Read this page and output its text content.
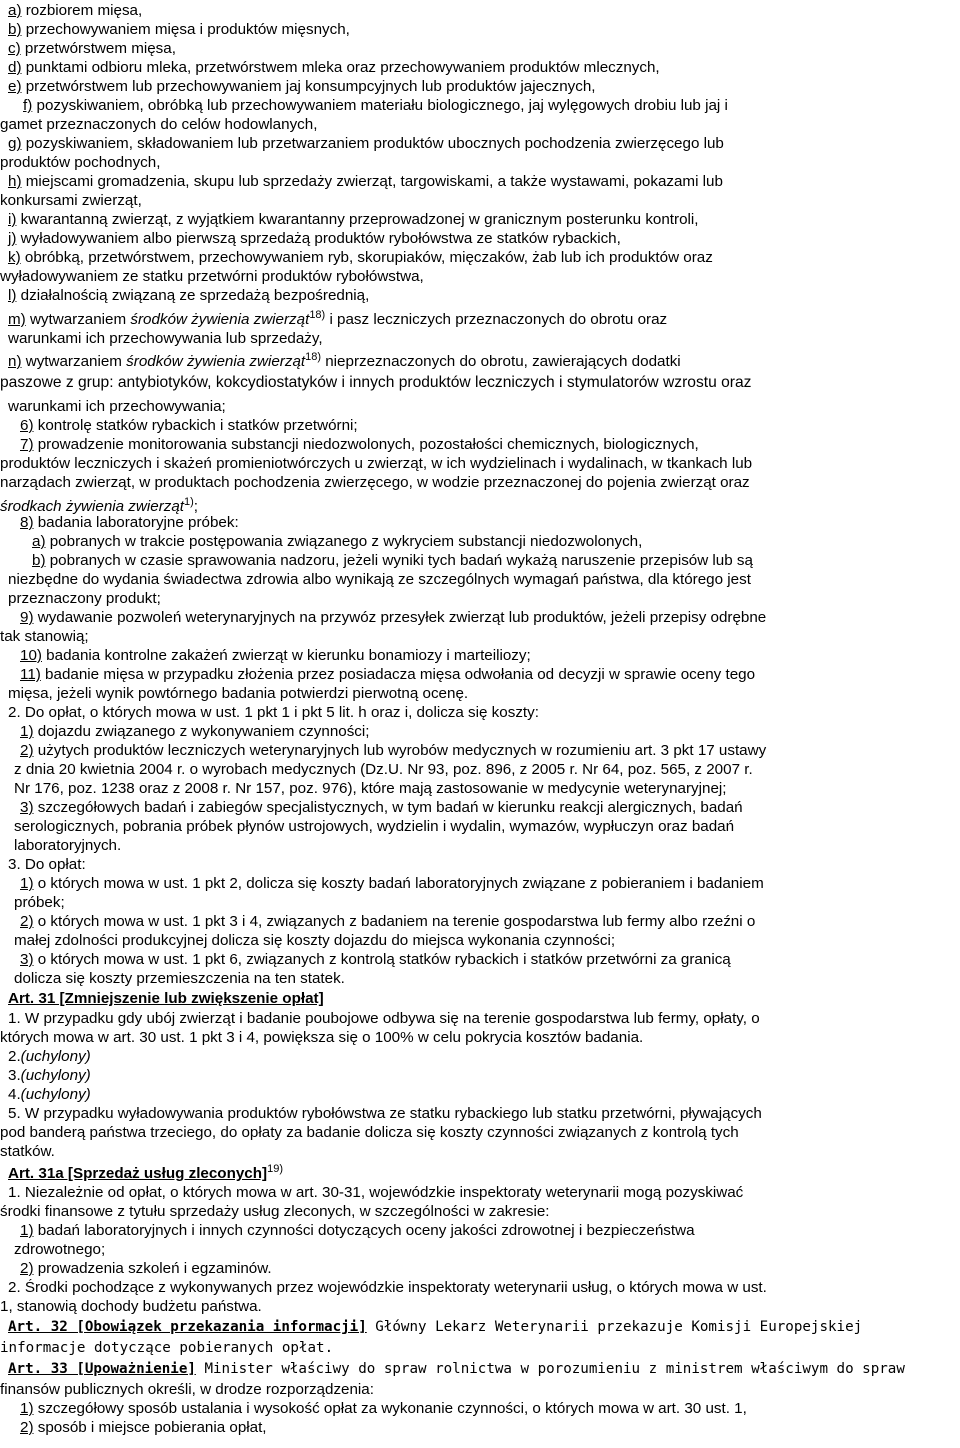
a) rozbiorem mięsa,
b) przechowywaniem mięsa i produktów mięsnych,
c) przetwórstwem mięsa,
d) punktami odbioru mleka, przetwórstwem mleka oraz przechowywaniem produktów mlecznych,
e) przetwórstwem lub przechowywaniem jaj konsumpcyjnych lub produktów jajecznych,
f) pozyskiwaniem, obróbką lub przechowywaniem materiału biologicznego, jaj wylęgowych drobiu lub jaj i
gamet przeznaczonych do celów hodowlanych,
g) pozyskiwaniem, składowaniem lub przetwarzaniem produktów ubocznych pochodzenia zwierzęcego lub
produktów pochodnych,
h) miejscami gromadzenia, skupu lub sprzedaży zwierząt, targowiskami, a także wystawami, pokazami lub
konkursami zwierząt,
i) kwarantanną zwierząt, z wyjątkiem kwarantanny przeprowadzonej w granicznym posterunku kontroli,
j) wyładowywaniem albo pierwszą sprzedażą produktów rybołówstwa ze statków rybackich,
k) obróbką, przetwórstwem, przechowywaniem ryb, skorupiaków, mięczaków, żab lub ich produktów oraz
wyładowywaniem ze statku przetwórni produktów rybołówstwa,
l) działalnością związaną ze sprzedażą bezpośrednią,
m) wytwarzaniem środków żywienia zwierząt$^{18)}$ i pasz leczniczych przeznaczonych do obrotu oraz
warunkami ich przechowywania lub sprzedaży,
n) wytwarzaniem środków żywienia zwierząt$^{18)}$ nieprzeznaczonych do obrotu, zawierających dodatki
paszowe z grup: antybiotyków, kokcydiostatyków i innych produktów leczniczych i stymulatorów wzrostu oraz
warunkami ich przechowywania;
6) kontrolę statków rybackich i statków przetwórni;
7) prowadzenie monitorowania substancji niedozwolonych, pozostałości chemicznych, biologicznych,
produktów leczniczych i skażeń promieniotwórczych u zwierząt, w ich wydzielinach i wydalinach, w tkankach lub
narządach zwierząt, w produktach pochodzenia zwierzęcego, w wodzie przeznaczonej do pojenia zwierząt oraz
środkach żywienia zwierząt$^{1)}$;
8) badania laboratoryjne próbek:
a) pobranych w trakcie postępowania związanego z wykryciem substancji niedozwolonych,
b) pobranych w czasie sprawowania nadzoru, jeżeli wyniki tych badań wykażą naruszenie przepisów lub są
niezbędne do wydania świadectwa zdrowia albo wynikają ze szczególnych wymagań państwa, dla którego jest
przeznaczony produkt;
9) wydawanie pozwoleń weterynaryjnych na przywóz przesyłek zwierząt lub produktów, jeżeli przepisy odrębne
tak stanowią;
10) badania kontrolne zakażeń zwierząt w kierunku bonamiozy i marteiliozy;
11) badanie mięsa w przypadku złożenia przez posiadacza mięsa odwołania od decyzji w sprawie oceny tego
mięsa, jeżeli wynik powtórnego badania potwierdzi pierwotną ocenę.
2. Do opłat, o których mowa w ust. 1 pkt 1 i pkt 5 lit. h oraz i, dolicza się koszty:
1) dojazdu związanego z wykonywaniem czynności;
2) użytych produktów leczniczych weterynaryjnych lub wyrobów medycznych w rozumieniu art. 3 pkt 17 ustawy
z dnia 20 kwietnia 2004 r. o wyrobach medycznych (Dz.U. Nr 93, poz. 896, z 2005 r. Nr 64, poz. 565, z 2007 r.
Nr 176, poz. 1238 oraz z 2008 r. Nr 157, poz. 976), które mają zastosowanie w medycynie weterynaryjnej;
3) szczegółowych badań i zabiegów specjalistycznych, w tym badań w kierunku reakcji alergicznych, badań
serologicznych, pobrania próbek płynów ustrojowych, wydzielin i wydalin, wymazów, wypłuczyn oraz badań
laboratoryjnych.
3. Do opłat:
1) o których mowa w ust. 1 pkt 2, dolicza się koszty badań laboratoryjnych związane z pobieraniem i badaniem
próbek;
2) o których mowa w ust. 1 pkt 3 i 4, związanych z badaniem na terenie gospodarstwa lub fermy albo rzeźni o
małej zdolności produkcyjnej dolicza się koszty dojazdu do miejsca wykonania czynności;
3) o których mowa w ust. 1 pkt 6, związanych z kontrolą statków rybackich i statków przetwórni za granicą
dolicza się koszty przemieszczenia na ten statek.
Art. 31 [Zmniejszenie lub zwiększenie opłat]
1. W przypadku gdy ubój zwierząt i badanie poubojowe odbywa się na terenie gospodarstwa lub fermy, opłaty, o
których mowa w art. 30 ust. 1 pkt 3 i 4, powiększa się o 100% w celu pokrycia kosztów badania.
2.(uchylony)
3.(uchylony)
4.(uchylony)
5. W przypadku wyładowywania produktów rybołówstwa ze statku rybackiego lub statku przetwórni, pływających
pod banderą państwa trzeciego, do opłaty za badanie dolicza się koszty czynności związanych z kontrolą tych
statków.
Art. 31a [Sprzedaż usług zleconych]$^{19)}$
1. Niezależnie od opłat, o których mowa w art. 30-31, wojewódzkie inspektoraty weterynarii mogą pozyskiwać
środki finansowe z tytułu sprzedaży usług zleconych, w szczególności w zakresie:
1) badań laboratoryjnych i innych czynności dotyczących oceny jakości zdrowotnej i bezpieczeństwa
zdrowotnego;
2) prowadzenia szkoleń i egzaminów.
2. Środki pochodzące z wykonywanych przez wojewódzkie inspektoraty weterynarii usług, o których mowa w ust.
1, stanowią dochody budżetu państwa.
Art. 32 [Obowiązek przekazania informacji] Główny Lekarz Weterynarii przekazuje Komisji Europejskiej
informacje dotyczące pobieranych opłat.
Art. 33 [Upoważnienie] Minister właściwy do spraw rolnictwa w porozumieniu z ministrem właściwym do spraw
finansów publicznych określi, w drodze rozporządzenia:
1) szczegółowy sposób ustalania i wysokość opłat za wykonanie czynności, o których mowa w art. 30 ust. 1,
2) sposób i miejsce pobierania opłat,
